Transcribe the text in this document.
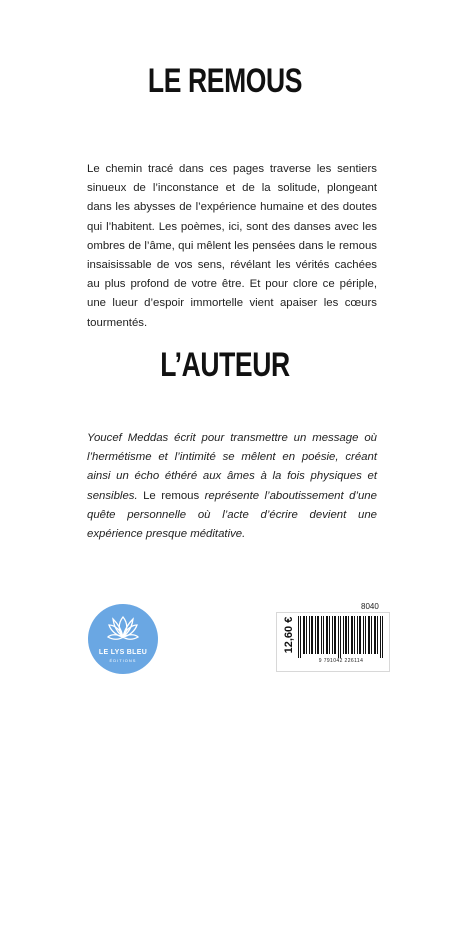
LE REMOUS

Le chemin tracé dans ces pages traverse les sentiers sinueux de l’inconstance et de la solitude, plongeant dans les abysses de l’expérience humaine et des doutes qui l’habitent. Les poèmes, ici, sont des danses avec les ombres de l’âme, qui mêlent les pensées dans le remous insaisissable de vos sens, révélant les vérités cachées au plus profond de votre être. Et pour clore ce périple, une lueur d’espoir immortelle vient apaiser les cœurs tourmentés.

L’AUTEUR

Youcef Meddas écrit pour transmettre un message où l’hermétisme et l’intimité se mêlent en poésie, créant ainsi un écho éthéré aux âmes à la fois physiques et sensibles. Le remous représente l’aboutissement d’une quête personnelle où l’acte d’écrire devient une expérience presque méditative.

LE LYS BLEU
ÉDITIONS
8040
12,60 €
9 791042 226114
